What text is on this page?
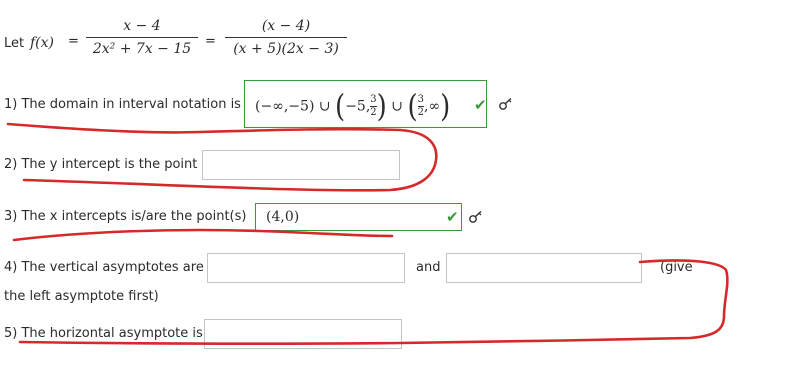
Let f(x) =
x − 4
2x² + 7x − 15	=
(x − 4)
(x + 5)(2x − 3)
1) The domain in interval notation is (−∞,−5) ∪ $(-5,\frac{3}{2})$ ∪ $(\frac{3}{2},\infty)$ ✔
2) The y intercept is the point
3) The x intercepts is/are the point(s) (4,0)	✔
4) The vertical asymptotes are	and	(give
the left asymptote first)
5) The horizontal asymptote is
